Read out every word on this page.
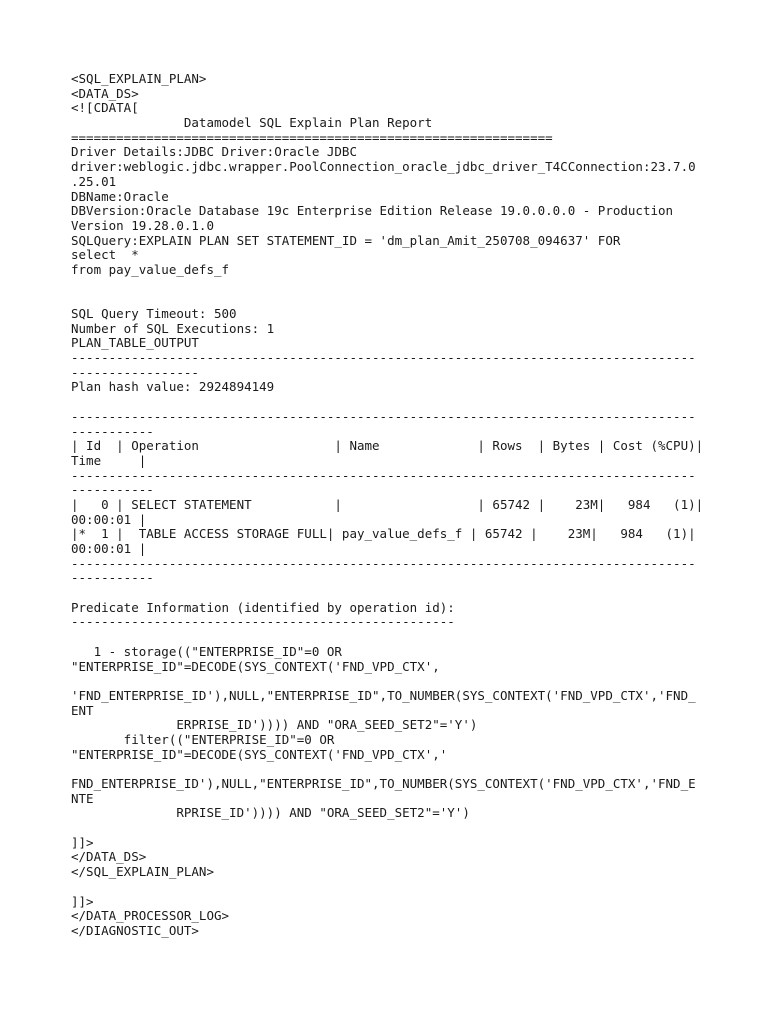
<SQL_EXPLAIN_PLAN>
<DATA_DS>
<![CDATA[
Datamodel SQL Explain Plan Report
================================================================
Driver Details:JDBC Driver:Oracle JDBC
driver:weblogic.jdbc.wrapper.PoolConnection_oracle_jdbc_driver_T4CConnection:23.7.0
.25.01
DBName:Oracle
DBVersion:Oracle Database 19c Enterprise Edition Release 19.0.0.0.0 - Production
Version 19.28.0.1.0
SQLQuery:EXPLAIN PLAN SET STATEMENT_ID = 'dm_plan_Amit_250708_094637' FOR
select  *
from pay_value_defs_f
SQL Query Timeout: 500
Number of SQL Executions: 1
PLAN_TABLE_OUTPUT
-----------------------------------------------------------------------------------
-----------------
Plan hash value: 2924894149
-----------------------------------------------------------------------------------
-----------
| Id  | Operation                  | Name             | Rows  | Bytes | Cost (%CPU)|
Time     |
-----------------------------------------------------------------------------------
-----------
|   0 | SELECT STATEMENT           |                  | 65742 |    23M|   984   (1)|
00:00:01 |
|*  1 |  TABLE ACCESS STORAGE FULL| pay_value_defs_f | 65742 |    23M|   984   (1)|
00:00:01 |
-----------------------------------------------------------------------------------
-----------
Predicate Information (identified by operation id):
---------------------------------------------------
1 - storage(("ENTERPRISE_ID"=0 OR
"ENTERPRISE_ID"=DECODE(SYS_CONTEXT('FND_VPD_CTX',
'FND_ENTERPRISE_ID'),NULL,"ENTERPRISE_ID",TO_NUMBER(SYS_CONTEXT('FND_VPD_CTX','FND_
ENT
ERPRISE_ID')))) AND "ORA_SEED_SET2"='Y')
filter(("ENTERPRISE_ID"=0 OR
"ENTERPRISE_ID"=DECODE(SYS_CONTEXT('FND_VPD_CTX','
FND_ENTERPRISE_ID'),NULL,"ENTERPRISE_ID",TO_NUMBER(SYS_CONTEXT('FND_VPD_CTX','FND_E
NTE
RPRISE_ID')))) AND "ORA_SEED_SET2"='Y')
]]>
</DATA_DS>
</SQL_EXPLAIN_PLAN>
]]>
</DATA_PROCESSOR_LOG>
</DIAGNOSTIC_OUT>
